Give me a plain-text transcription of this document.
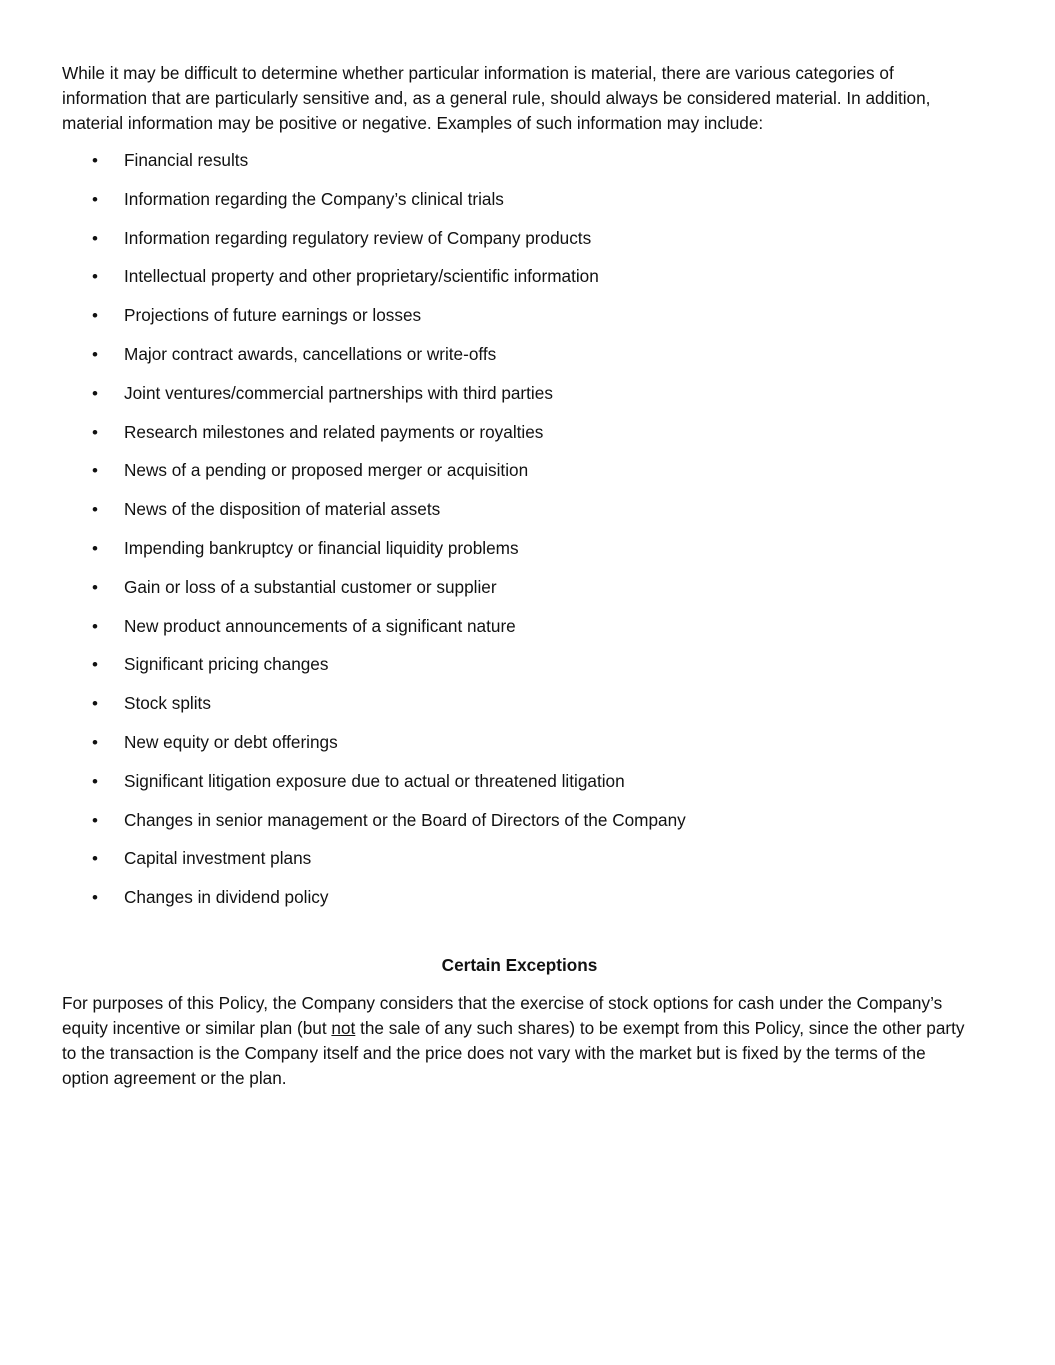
While it may be difficult to determine whether particular information is material, there are various categories of information that are particularly sensitive and, as a general rule, should always be considered material. In addition, material information may be positive or negative. Examples of such information may include:

• Financial results
• Information regarding the Company’s clinical trials
• Information regarding regulatory review of Company products
• Intellectual property and other proprietary/scientific information
• Projections of future earnings or losses
• Major contract awards, cancellations or write-offs
• Joint ventures/commercial partnerships with third parties
• Research milestones and related payments or royalties
• News of a pending or proposed merger or acquisition
• News of the disposition of material assets
• Impending bankruptcy or financial liquidity problems
• Gain or loss of a substantial customer or supplier
• New product announcements of a significant nature
• Significant pricing changes
• Stock splits
• New equity or debt offerings
• Significant litigation exposure due to actual or threatened litigation
• Changes in senior management or the Board of Directors of the Company
• Capital investment plans
• Changes in dividend policy
Certain Exceptions

For purposes of this Policy, the Company considers that the exercise of stock options for cash under the Company’s equity incentive or similar plan (but not the sale of any such shares) to be exempt from this Policy, since the other party to the transaction is the Company itself and the price does not vary with the market but is fixed by the terms of the option agreement or the plan.
